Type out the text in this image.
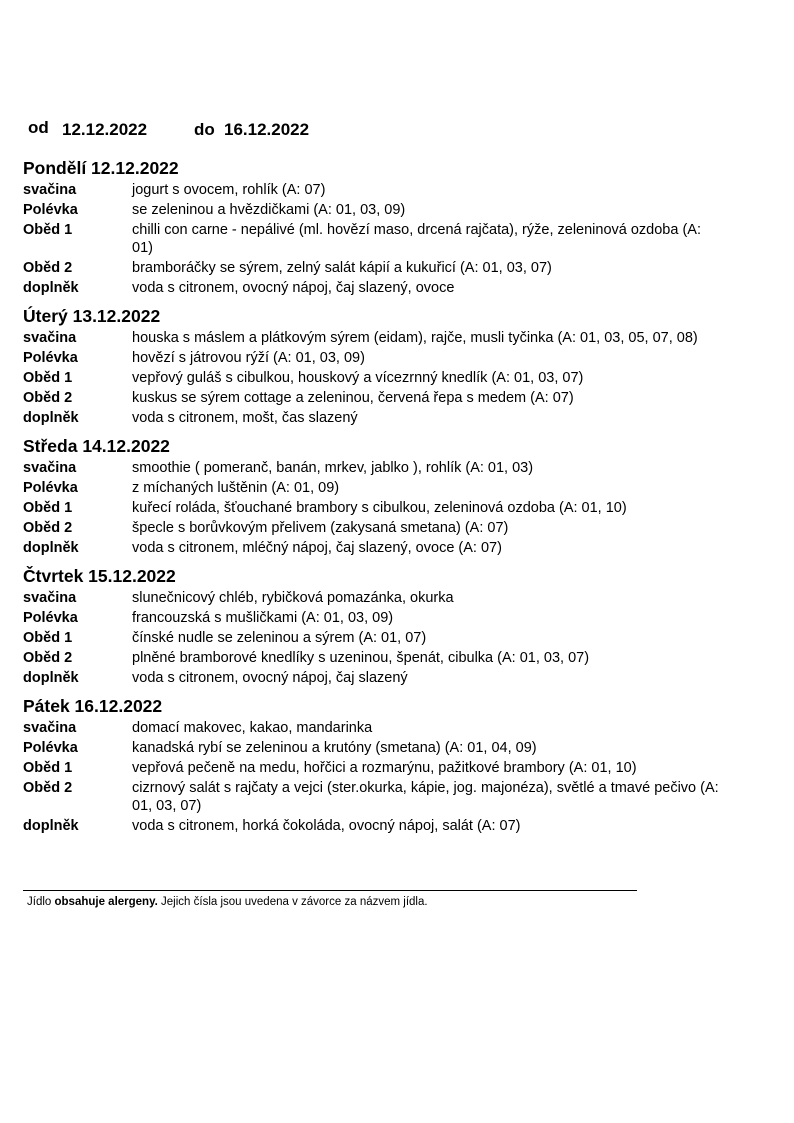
od 12.12.2022	do 16.12.2022
Pondělí 12.12.2022
svačina	jogurt s ovocem, rohlík (A: 07)
Polévka	se zeleninou a hvězdičkami (A: 01, 03, 09)
Oběd 1	chilli con carne - nepálivé (ml. hovězí maso, drcená rajčata), rýže, zeleninová ozdoba (A: 01)
Oběd 2	bramboráčky se sýrem, zelný salát kápií a kukuřicí (A: 01, 03, 07)
doplněk	voda s citronem, ovocný nápoj, čaj slazený, ovoce
Úterý 13.12.2022
svačina	houska s máslem a plátkovým sýrem (eidam), rajče, musli tyčinka (A: 01, 03, 05, 07, 08)
Polévka	hovězí s játrovou rýží (A: 01, 03, 09)
Oběd 1	vepřový guláš s cibulkou, houskový a vícezrnný knedlík (A: 01, 03, 07)
Oběd 2	kuskus se sýrem cottage a zeleninou, červená řepa s medem (A: 07)
doplněk	voda s citronem, mošt, čas slazený
Středa 14.12.2022
svačina	smoothie ( pomeranč, banán, mrkev, jablko ), rohlík (A: 01, 03)
Polévka	z míchaných luštěnin (A: 01, 09)
Oběd 1	kuřecí roláda, šťouchané brambory s cibulkou, zeleninová ozdoba (A: 01, 10)
Oběd 2	špecle s borůvkovým přelivem (zakysaná smetana) (A: 07)
doplněk	voda s citronem, mléčný nápoj, čaj slazený, ovoce (A: 07)
Čtvrtek 15.12.2022
svačina	slunečnicový chléb, rybičková pomazánka, okurka
Polévka	francouzská s mušličkami (A: 01, 03, 09)
Oběd 1	čínské nudle se zeleninou a sýrem (A: 01, 07)
Oběd 2	plněné bramborové knedlíky s uzeninou, špenát, cibulka (A: 01, 03, 07)
doplněk	voda s citronem, ovocný nápoj, čaj slazený
Pátek 16.12.2022
svačina	domací makovec, kakao, mandarinka
Polévka	kanadská rybí se zeleninou a krutóny (smetana) (A: 01, 04, 09)
Oběd 1	vepřová pečeně na medu, hořčici a rozmarýnu, pažitkové brambory (A: 01, 10)
Oběd 2	cizrnový salát s rajčaty a vejci (ster.okurka, kápie, jog. majonéza), světlé a tmavé pečivo (A: 01, 03, 07)
doplněk	voda s citronem, horká čokoláda, ovocný nápoj, salát (A: 07)
Jídlo obsahuje alergeny. Jejich čísla jsou uvedena v závorce za názvem jídla.
